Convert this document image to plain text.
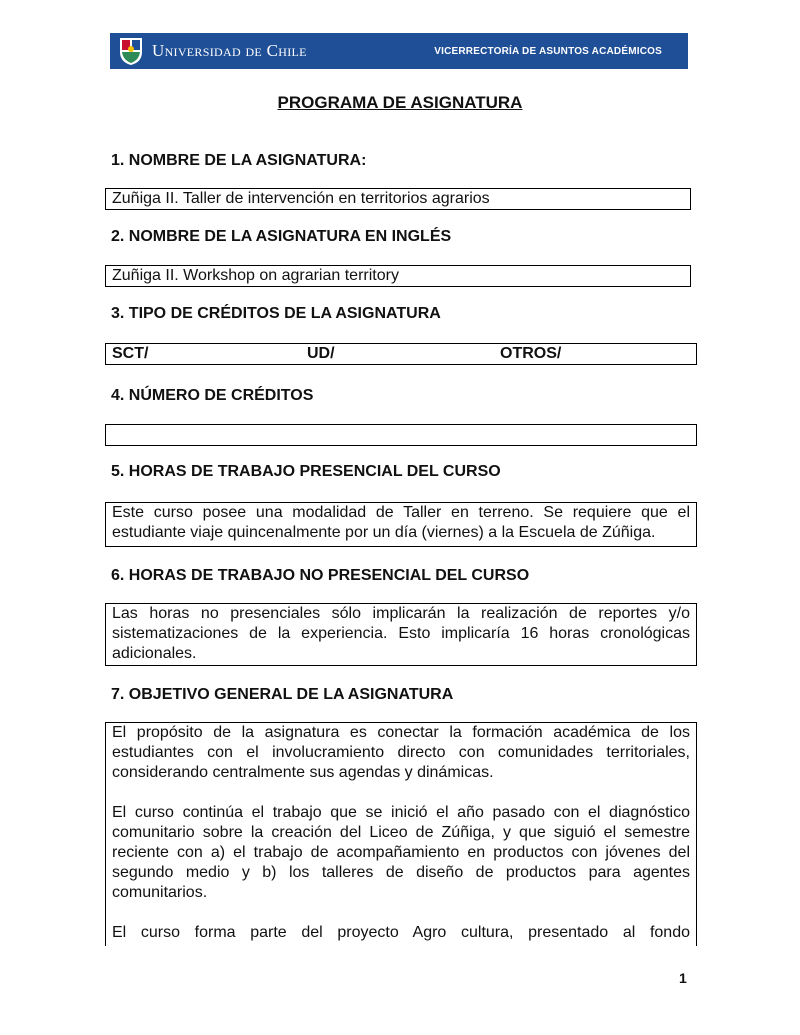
Universidad de Chile	VICERRECTORÍA DE ASUNTOS ACADÉMICOS
PROGRAMA DE ASIGNATURA
1. NOMBRE DE LA ASIGNATURA:
Zuñiga II. Taller de intervención en territorios agrarios
2. NOMBRE DE LA ASIGNATURA EN INGLÉS
Zuñiga II. Workshop on agrarian territory
3. TIPO DE CRÉDITOS DE LA ASIGNATURA
SCT/	UD/	OTROS/
4. NÚMERO DE CRÉDITOS
5. HORAS DE TRABAJO PRESENCIAL DEL CURSO

Este curso posee una modalidad de Taller en terreno. Se requiere que el

estudiante viaje quincenalmente por un día (viernes) a la Escuela de Zúñiga.

6. HORAS DE TRABAJO NO PRESENCIAL DEL CURSO

Las horas no presenciales sólo implicarán la realización de reportes y/o

sistematizaciones de la experiencia. Esto implicaría 16 horas cronológicas

adicionales.

7. OBJETIVO GENERAL DE LA ASIGNATURA

El propósito de la asignatura es conectar la formación académica de los

estudiantes con el involucramiento directo con comunidades territoriales,

considerando centralmente sus agendas y dinámicas.

El curso continúa el trabajo que se inició el año pasado con el diagnóstico

comunitario sobre la creación del Liceo de Zúñiga, y que siguió el semestre

reciente con a) el trabajo de acompañamiento en productos con jóvenes del

segundo medio y b) los talleres de diseño de productos para agentes

comunitarios.

El curso forma parte del proyecto Agro cultura, presentado al fondo

1
